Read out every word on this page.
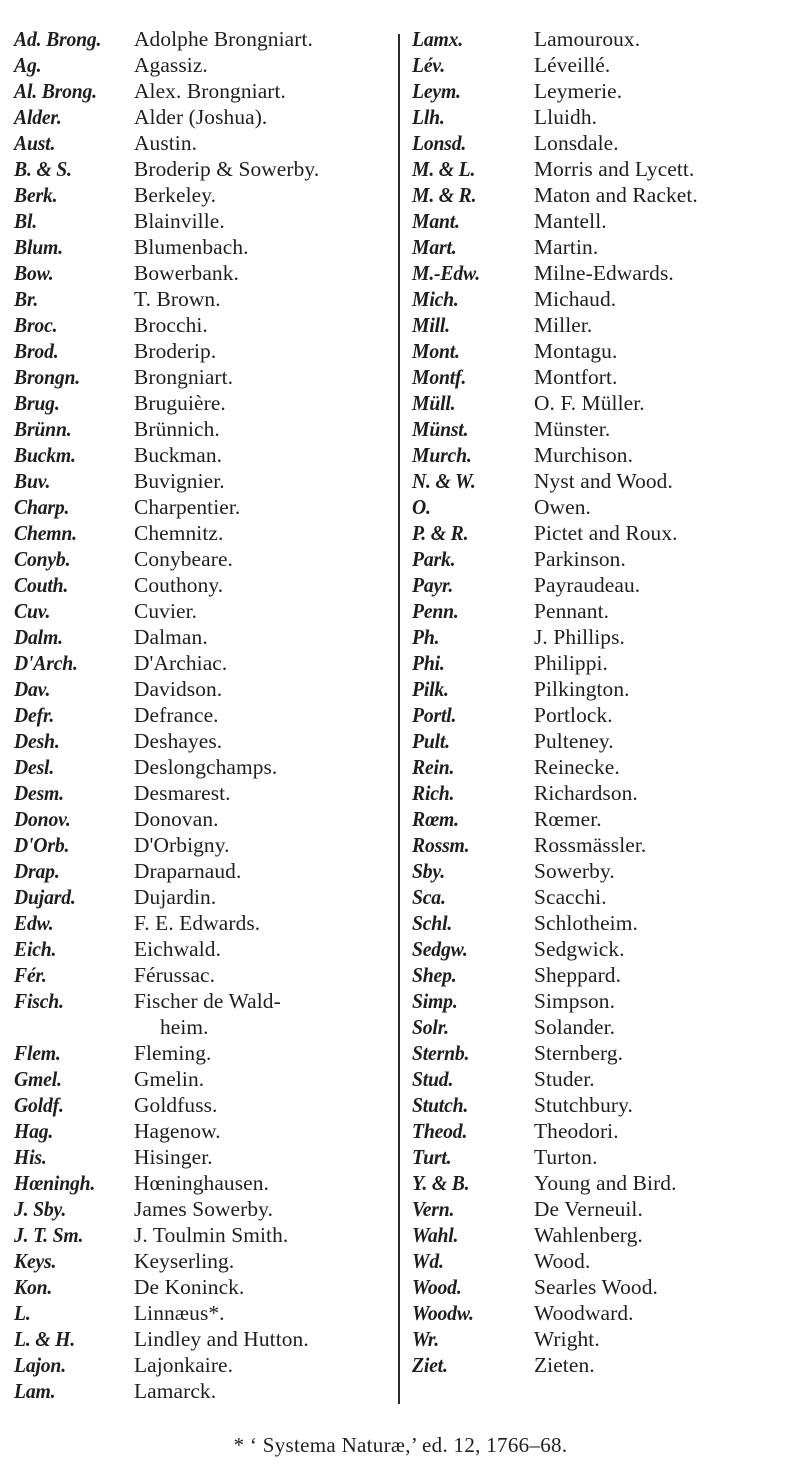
Ad. Brong.	Adolphe Brongniart.
Ag.	Agassiz.
Al. Brong.	Alex. Brongniart.
Alder.	Alder (Joshua).
Aust.	Austin.
B. & S.	Broderip & Sowerby.
Berk.	Berkeley.
Bl.	Blainville.
Blum.	Blumenbach.
Bow.	Bowerbank.
Br.	T. Brown.
Broc.	Brocchi.
Brod.	Broderip.
Brongn.	Brongniart.
Brug.	Bruguière.
Brünn.	Brünnich.
Buckm.	Buckman.
Buv.	Buvignier.
Charp.	Charpentier.
Chemn.	Chemnitz.
Conyb.	Conybeare.
Couth.	Couthony.
Cuv.	Cuvier.
Dalm.	Dalman.
D'Arch.	D'Archiac.
Dav.	Davidson.
Defr.	Defrance.
Desh.	Deshayes.
Desl.	Deslongchamps.
Desm.	Desmarest.
Donov.	Donovan.
D'Orb.	D'Orbigny.
Drap.	Draparnaud.
Dujard.	Dujardin.
Edw.	F. E. Edwards.
Eich.	Eichwald.
Fér.	Férussac.
Fisch.	Fischer de Wald-
heim.
Flem.	Fleming.
Gmel.	Gmelin.
Goldf.	Goldfuss.
Hag.	Hagenow.
His.	Hisinger.
Hœningh.	Hœninghausen.
J. Sby.	James Sowerby.
J. T. Sm.	J. Toulmin Smith.
Keys.	Keyserling.
Kon.	De Koninck.
L.	Linnæus*.
L. & H.	Lindley and Hutton.
Lajon.	Lajonkaire.
Lam.	Lamarck.
Lamx.	Lamouroux.
Lév.	Léveillé.
Leym.	Leymerie.
Llh.	Lluidh.
Lonsd.	Lonsdale.
M. & L.	Morris and Lycett.
M. & R.	Maton and Racket.
Mant.	Mantell.
Mart.	Martin.
M.-Edw.	Milne-Edwards.
Mich.	Michaud.
Mill.	Miller.
Mont.	Montagu.
Montf.	Montfort.
Müll.	O. F. Müller.
Münst.	Münster.
Murch.	Murchison.
N. & W.	Nyst and Wood.
O.	Owen.
P. & R.	Pictet and Roux.
Park.	Parkinson.
Payr.	Payraudeau.
Penn.	Pennant.
Ph.	J. Phillips.
Phi.	Philippi.
Pilk.	Pilkington.
Portl.	Portlock.
Pult.	Pulteney.
Rein.	Reinecke.
Rich.	Richardson.
Rœm.	Rœmer.
Rossm.	Rossmässler.
Sby.	Sowerby.
Sca.	Scacchi.
Schl.	Schlotheim.
Sedgw.	Sedgwick.
Shep.	Sheppard.
Simp.	Simpson.
Solr.	Solander.
Sternb.	Sternberg.
Stud.	Studer.
Stutch.	Stutchbury.
Theod.	Theodori.
Turt.	Turton.
Y. & B.	Young and Bird.
Vern.	De Verneuil.
Wahl.	Wahlenberg.
Wd.	Wood.
Wood.	Searles Wood.
Woodw.	Woodward.
Wr.	Wright.
Ziet.	Zieten.
* ‘ Systema Naturæ,’ ed. 12, 1766–68.
